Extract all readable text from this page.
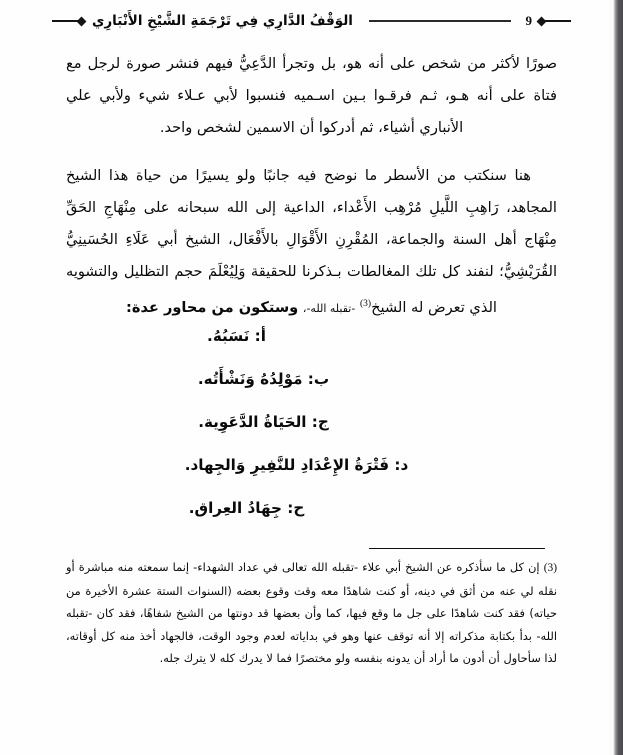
الوَقْفُ الدَّارِي فِي تَرْجَمَةِ الشَّيْخِ الأَنْبَارِي	9

صورًا لأكثر من شخص على أنه هو، بل وتجرأ الدَّعِيُّ فيهم فنشر صورة لرجل مع فتاة على أنه هـو، ثـم فرقـوا بـين اسـميه فنسبوا لأبي عـلاء شيء ولأبي علي الأنباري أشياء، ثم أدركوا أن الاسمين لشخص واحد.

هنا سنكتب من الأسطر ما نوضح فيه جانبًا ولو يسيرًا من حياة هذا الشيخ المجاهد، رَاهِبِ اللَّيلِ مُرْهِب الأَعْداء، الداعية إلى الله سبحانه على مِنْهَاجِ الحَقِّ مِنْهَاج أهل السنة والجماعة، المُقْرِنِ الأَقْوَالِ بالأَفْعَال، الشيخ أبي عَلَاءِ الحُسَينِيُّ القُرَيْشِيُّ؛ لنفند كل تلك المغالطات بـذكرنا للحقيقة وَلِيُعْلَمَ حجم التظليل والتشويه الذي تعرض له الشيخ$^{(3)}$ -تقبله الله-، وستكون من محاور عدة:

أ: نَسَبُهُ.
ب: مَوْلِدُهُ وَنَشْأَتُه.
ج: الحَيَاةُ الدَّعَوِية.
د: فَتْرَةُ الإِعْدَادِ للنَّفِيرِ وَالجِهاد.
ح: جِهَادُ العِراق.

(3) إن كل ما سأذكره عن الشيخ أبي علاء -تقبله الله تعالى في عداد الشهداء- إنما سمعته منه مباشرة أو نقله لي عنه من أثق في دينه، أو كنت شاهدًا معه وقت وقوع بعضه (السنوات الستة عشرة الأخيرة من حياته) فقد كنت شاهدًا على جل ما وقع فيها، كما وأن بعضها قد دونتها من الشيخ شفاهًا، فقد كان -تقبله الله- بدأ بكتابة مذكراته إلا أنه توقف عنها وهو في بداياته لعدم وجود الوقت، فالجهاد أخذ منه كل أوقاته، لذا سأحاول أن أدون ما أراد أن يدونه بنفسه ولو مختصرًا فما لا يدرك كله لا يترك جله.
